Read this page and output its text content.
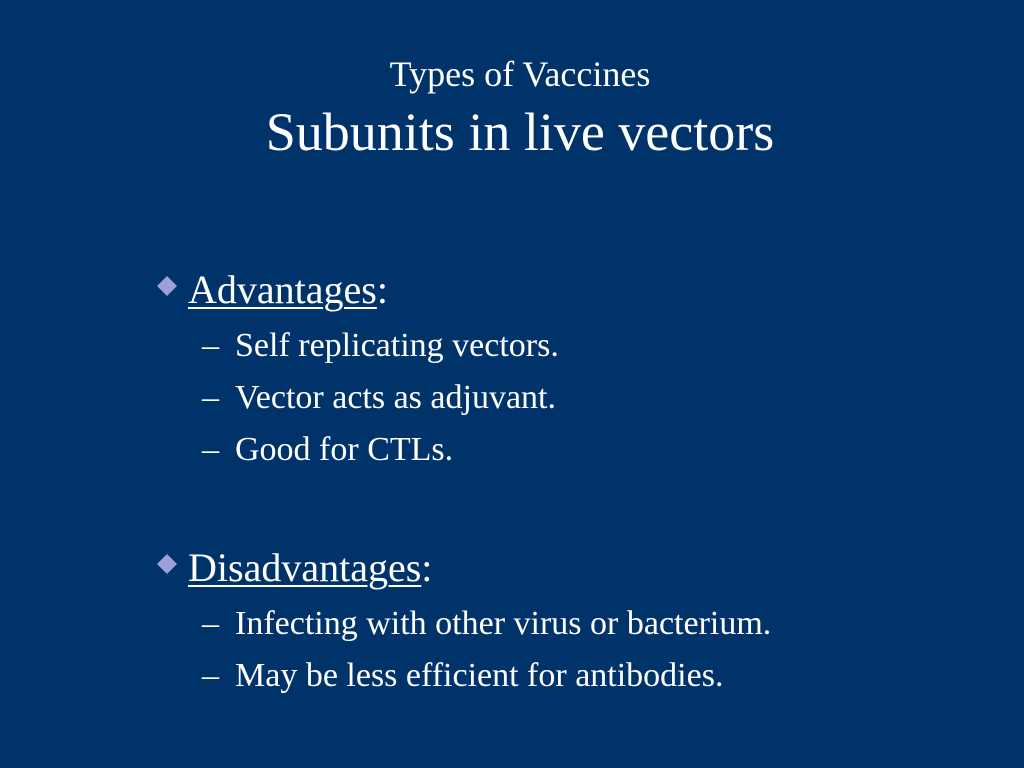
Types of Vaccines
Subunits in live vectors
Advantages :
– Self replicating vectors.
– Vector acts as adjuvant.
– Good for CTLs.
Disadvantages :
– Infecting with other virus or bacterium.
– May be less efficient for antibodies.
